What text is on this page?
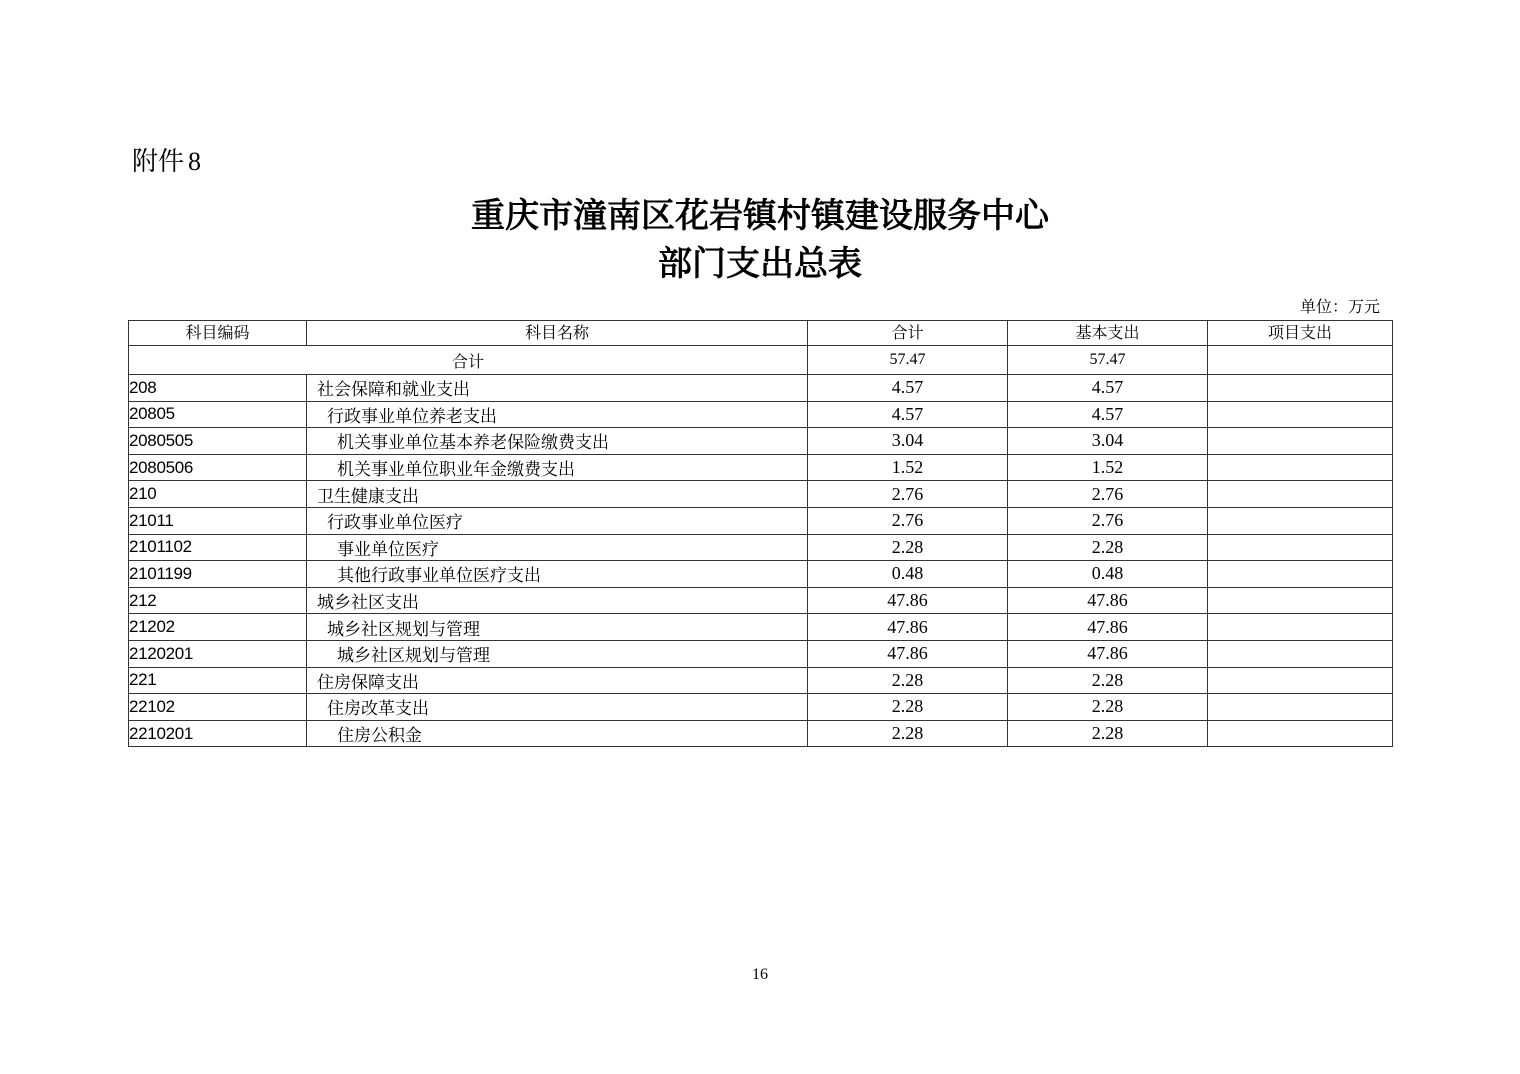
附件 8
重庆市潼南区花岩镇村镇建设服务中心
部门支出总表
单位：万元
科目编码	科目名称	合计	基本支出	项目支出
合计		57.47	57.47	
208	社会保障和就业支出	4.57	4.57	
20805	行政事业单位养老支出	4.57	4.57	
2080505	机关事业单位基本养老保险缴费支出	3.04	3.04	
2080506	机关事业单位职业年金缴费支出	1.52	1.52	
210	卫生健康支出	2.76	2.76	
21011	行政事业单位医疗	2.76	2.76	
2101102	事业单位医疗	2.28	2.28	
2101199	其他行政事业单位医疗支出	0.48	0.48	
212	城乡社区支出	47.86	47.86	
21202	城乡社区规划与管理	47.86	47.86	
2120201	城乡社区规划与管理	47.86	47.86	
221	住房保障支出	2.28	2.28	
22102	住房改革支出	2.28	2.28	
2210201	住房公积金	2.28	2.28	
16
